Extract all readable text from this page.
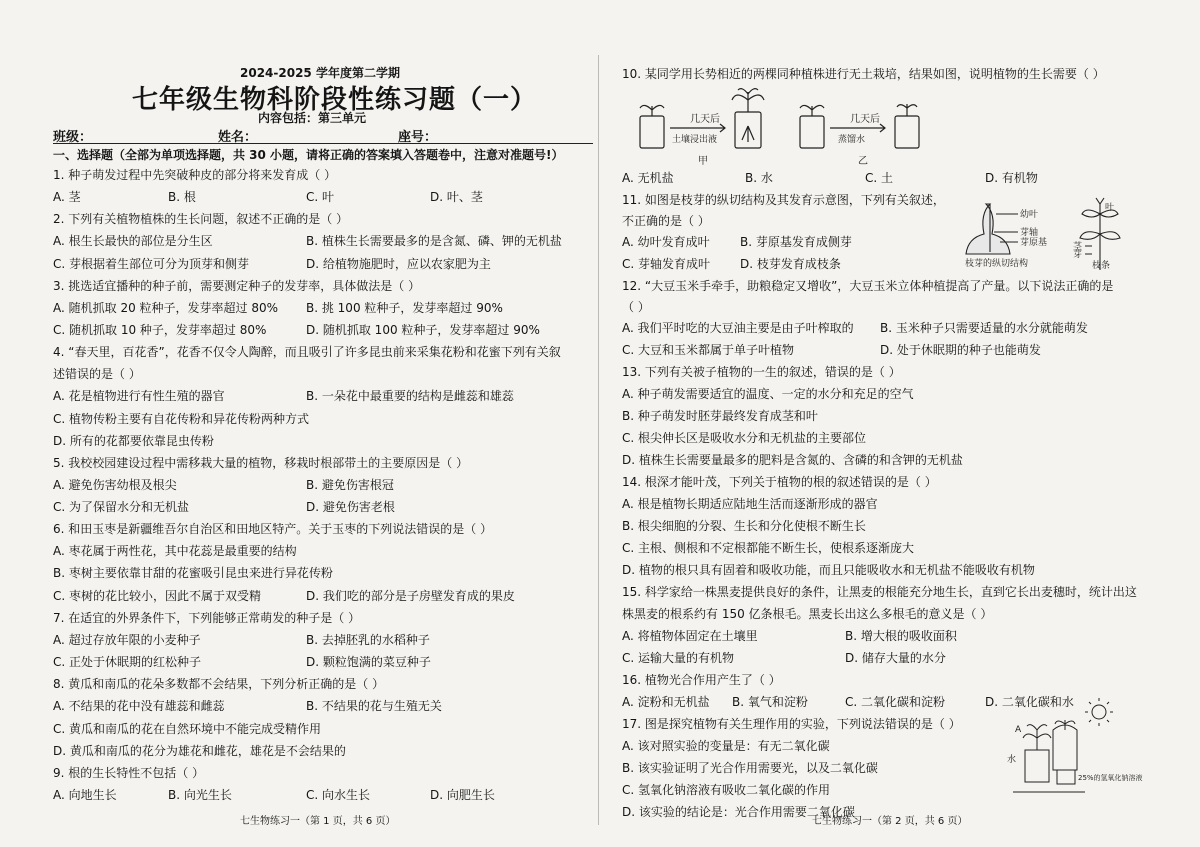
2024-2025 学年度第二学期
七年级生物科阶段性练习题（一）
内容包括：第三单元
班级：	姓名：	座号：
一、选择题（全部为单项选择题，共 30 小题，请将正确的答案填入答题卷中，注意对准题号!）
1. 种子萌发过程中先突破种皮的部分将来发育成（ ）
A. 茎	B. 根	C. 叶	D. 叶、茎
2. 下列有关植物植株的生长问题，叙述不正确的是（ ）
A. 根生长最快的部位是分生区	B. 植株生长需要最多的是含氮、磷、钾的无机盐
C. 芽根据着生部位可分为顶芽和侧芽	D. 给植物施肥时，应以农家肥为主
3. 挑选适宜播种的种子前，需要测定种子的发芽率，具体做法是（ ）
A. 随机抓取 20 粒种子，发芽率超过 80% B. 挑 100 粒种子，发芽率超过 90%
C. 随机抓取 10 种子，发芽率超过 80%	D. 随机抓取 100 粒种子，发芽率超过 90%
4. “春天里，百花香”，花香不仅令人陶醉，而且吸引了许多昆虫前来采集花粉和花蜜下列有关叙
述错误的是（ ）
A. 花是植物进行有性生殖的器官	B. 一朵花中最重要的结构是雌蕊和雄蕊
C. 植物传粉主要有自花传粉和异花传粉两种方式
D. 所有的花都要依靠昆虫传粉
5. 我校校园建设过程中需移栽大量的植物，移栽时根部带土的主要原因是（ ）
A. 避免伤害幼根及根尖	B. 避免伤害根冠
C. 为了保留水分和无机盐	D. 避免伤害老根
6. 和田玉枣是新疆维吾尔自治区和田地区特产。关于玉枣的下列说法错误的是（ ）
A. 枣花属于两性花，其中花蕊是最重要的结构
B. 枣树主要依靠甘甜的花蜜吸引昆虫来进行异花传粉
C. 枣树的花比较小，因此不属于双受精	D. 我们吃的部分是子房壁发育成的果皮
7. 在适宜的外界条件下，下列能够正常萌发的种子是（ ）
A. 超过存放年限的小麦种子	B. 去掉胚乳的水稻种子
C. 正处于休眠期的红松种子	D. 颗粒饱满的菜豆种子
8. 黄瓜和南瓜的花朵多数都不会结果，下列分析正确的是（ ）
A. 不结果的花中没有雄蕊和雌蕊	B. 不结果的花与生殖无关
C. 黄瓜和南瓜的花在自然环境中不能完成受精作用
D. 黄瓜和南瓜的花分为雄花和雌花，雄花是不会结果的
9. 根的生长特性不包括（ ）
A. 向地生长	B. 向光生长	C. 向水生长	D. 向肥生长
七生物练习一（第 1 页，共 6 页）
10. 某同学用长势相近的两棵同种植株进行无土栽培，结果如图，说明植物的生长需要（ ）
几天后
土壤浸出液
几天后
蒸馏水
甲	乙
A. 无机盐	B. 水	C. 土	D. 有机物
11. 如图是枝芽的纵切结构及其发育示意图，下列有关叙述，
不正确的是（ ）
A. 幼叶发育成叶	B. 芽原基发育成侧芽
C. 芽轴发育成叶 D. 枝芽发育成枝条
幼叶
芽轴
芽原基
叶
茎
芽
枝芽的纵切结构	枝条
12. “大豆玉米手牵手，助粮稳定又增收”，大豆玉米立体种植提高了产量。以下说法正确的是
（ ）
A. 我们平时吃的大豆油主要是由子叶榨取的 B. 玉米种子只需要适量的水分就能萌发
C. 大豆和玉米都属于单子叶植物	D. 处于休眠期的种子也能萌发
13. 下列有关被子植物的一生的叙述，错误的是（ ）
A. 种子萌发需要适宜的温度、一定的水分和充足的空气
B. 种子萌发时胚芽最终发育成茎和叶
C. 根尖伸长区是吸收水分和无机盐的主要部位
D. 植株生长需要量最多的肥料是含氮的、含磷的和含钾的无机盐
14. 根深才能叶茂，下列关于植物的根的叙述错误的是（ ）
A. 根是植物长期适应陆地生活而逐渐形成的器官
B. 根尖细胞的分裂、生长和分化使根不断生长
C. 主根、侧根和不定根都能不断生长，使根系逐渐庞大
D. 植物的根只具有固着和吸收功能，而且只能吸收水和无机盐不能吸收有机物
15. 科学家给一株黑麦提供良好的条件，让黑麦的根能充分地生长，直到它长出麦穗时，统计出这
株黑麦的根系约有 150 亿条根毛。黑麦长出这么多根毛的意义是（ ）
A. 将植物体固定在土壤里	B. 增大根的吸收面积
C. 运输大量的有机物	D. 储存大量的水分
16. 植物光合作用产生了（ ）
A. 淀粉和无机盐 B. 氧气和淀粉	C. 二氧化碳和淀粉	D. 二氧化碳和水
17. 图是探究植物有关生理作用的实验，下列说法错误的是（ ）
A. 该对照实验的变量是：有无二氧化碳
B. 该实验证明了光合作用需要光，以及二氧化碳
C. 氢氧化钠溶液有吸收二氧化碳的作用
D. 该实验的结论是：光合作用需要二氧化碳
水
A
25%的氢氧化钠溶液
七生物练习一（第 2 页，共 6 页）
